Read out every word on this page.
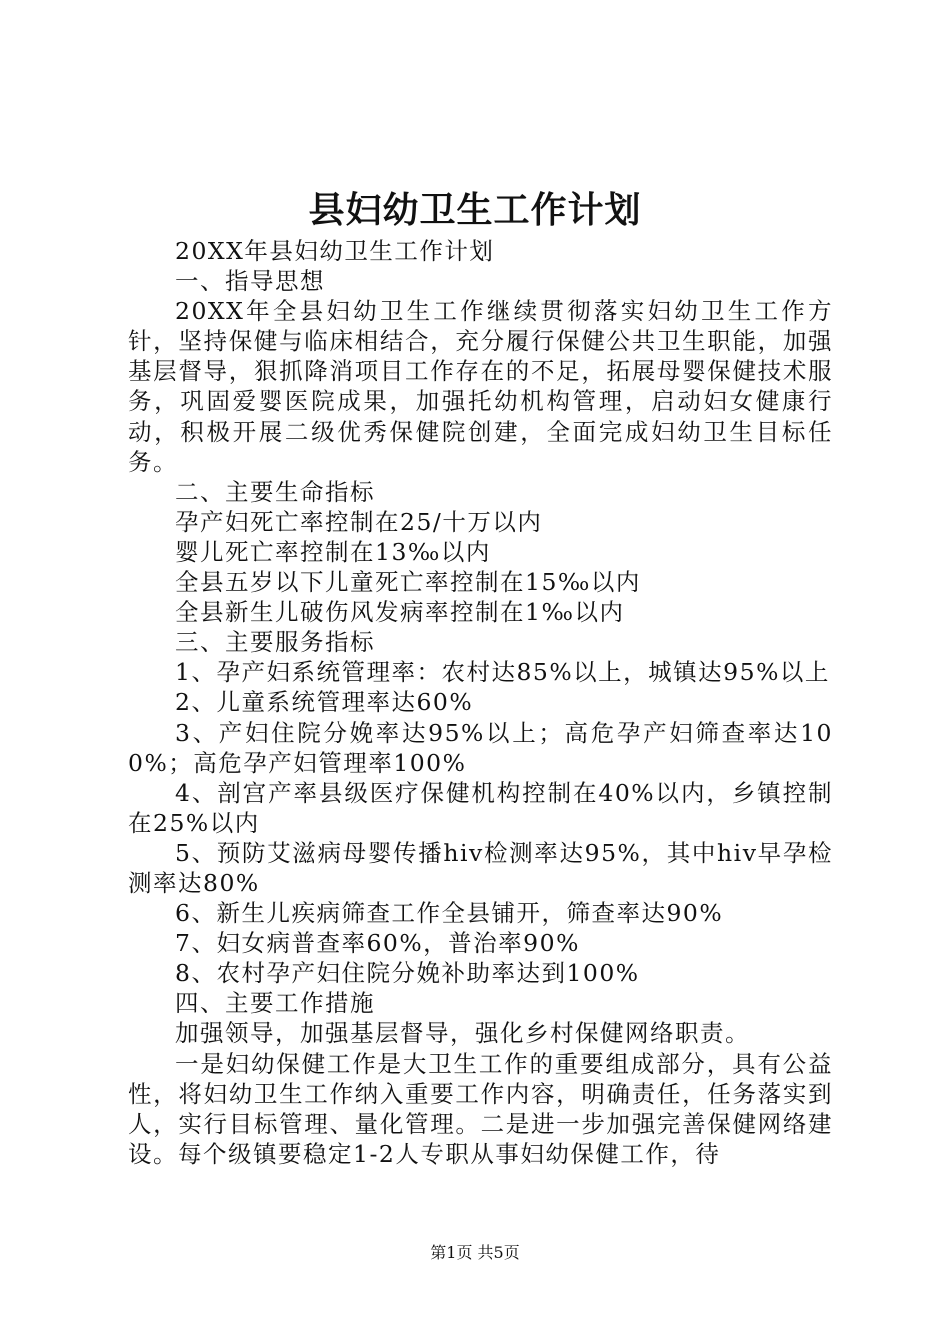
县妇幼卫生工作计划

20XX年县妇幼卫生工作计划

一、指导思想

20XX年全县妇幼卫生工作继续贯彻落实妇幼卫生工作方针，坚持保健与临床相结合，充分履行保健公共卫生职能，加强基层督导，狠抓降消项目工作存在的不足，拓展母婴保健技术服务，巩固爱婴医院成果，加强托幼机构管理，启动妇女健康行动，积极开展二级优秀保健院创建，全面完成妇幼卫生目标任务。

二、主要生命指标

孕产妇死亡率控制在25/十万以内

婴儿死亡率控制在13‰以内

全县五岁以下儿童死亡率控制在15‰以内

全县新生儿破伤风发病率控制在1‰以内

三、主要服务指标

1、孕产妇系统管理率：农村达85%以上，城镇达95%以上

2、儿童系统管理率达60%

3、产妇住院分娩率达95%以上；高危孕产妇筛查率达100%；高危孕产妇管理率100%

4、剖宫产率县级医疗保健机构控制在40%以内，乡镇控制在25%以内

5、预防艾滋病母婴传播hiv检测率达95%，其中hiv早孕检测率达80%

6、新生儿疾病筛查工作全县铺开，筛查率达90%

7、妇女病普查率60%，普治率90%

8、农村孕产妇住院分娩补助率达到100%

四、主要工作措施

加强领导，加强基层督导，强化乡村保健网络职责。

一是妇幼保健工作是大卫生工作的重要组成部分，具有公益性，将妇幼卫生工作纳入重要工作内容，明确责任，任务落实到人，实行目标管理、量化管理。二是进一步加强完善保健网络建设。每个级镇要稳定1-2人专职从事妇幼保健工作，待

第1页 共5页
